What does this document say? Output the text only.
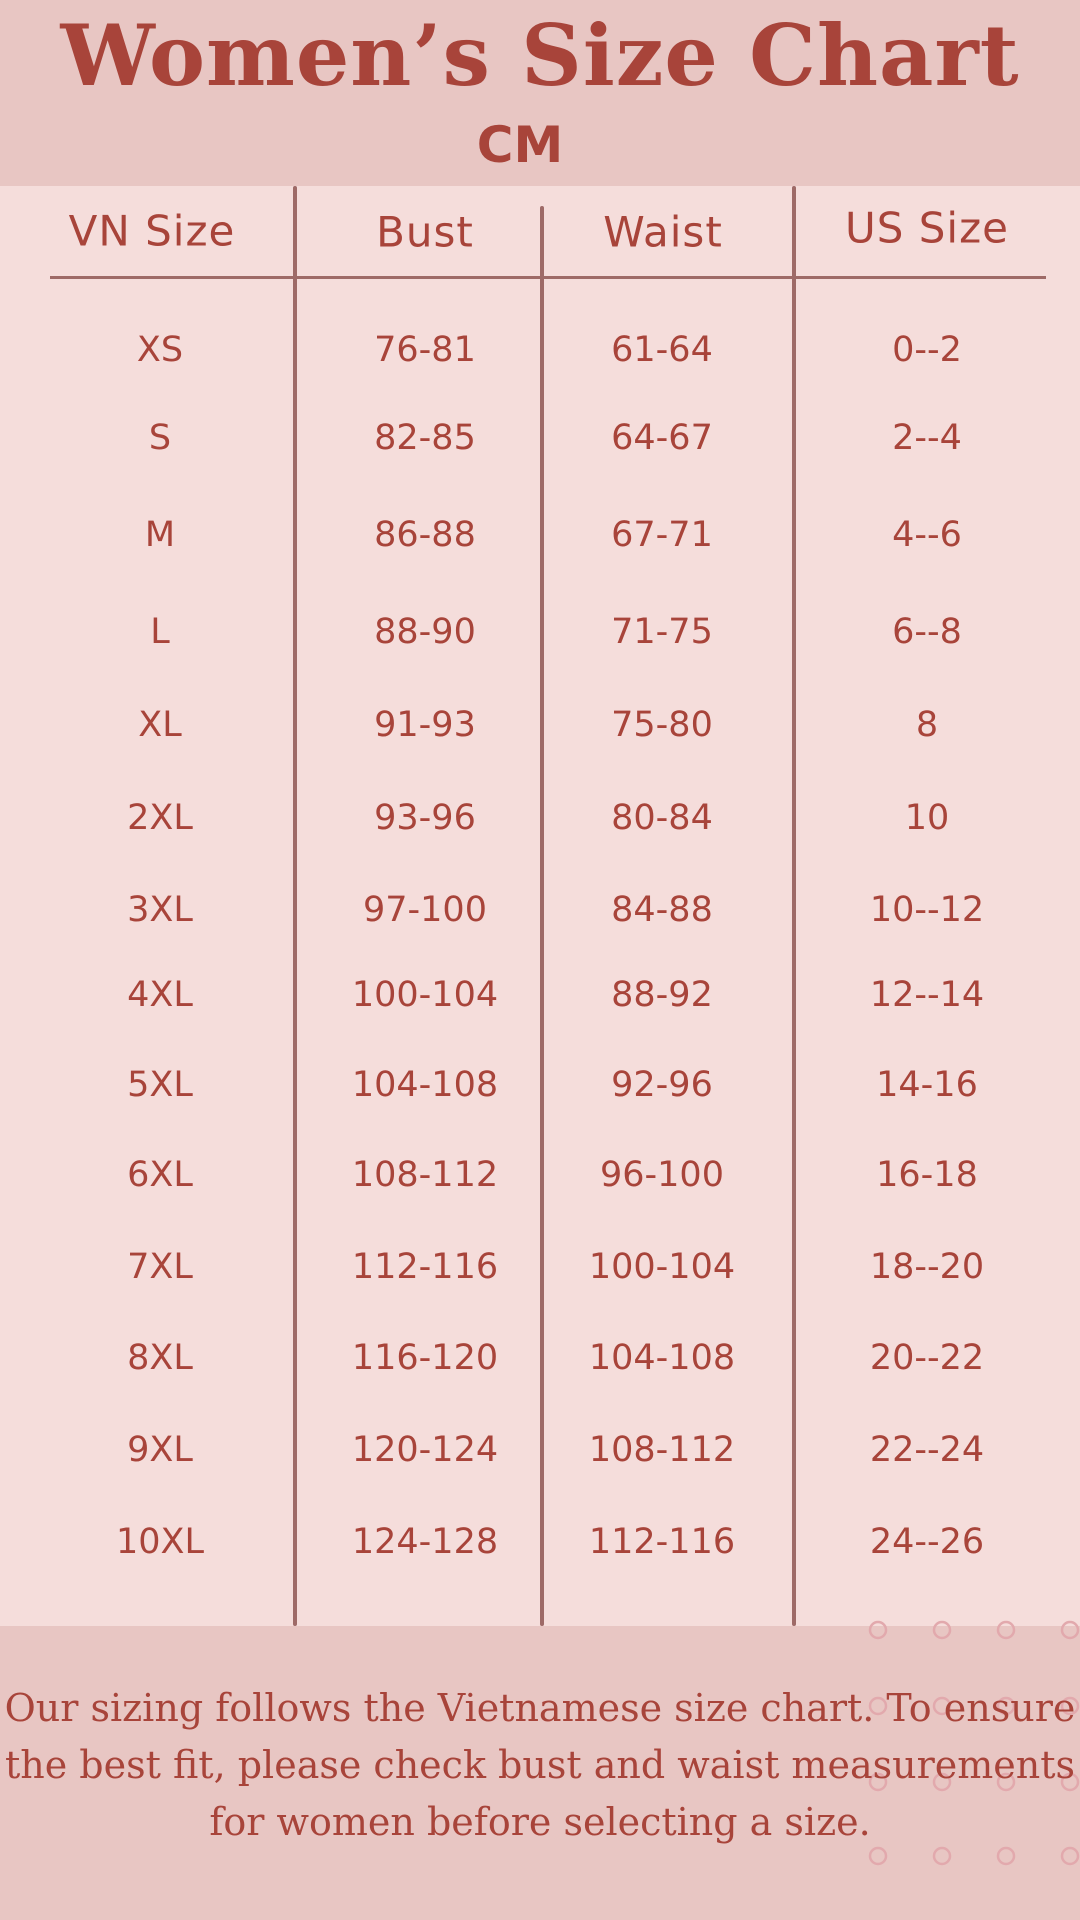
Women’s Size Chart
CM
VN Size	Bust	Waist	US Size
XS	76-81	61-64	0--2
S	82-85	64-67	2--4
M	86-88	67-71	4--6
L	88-90	71-75	6--8
XL	91-93	75-80	8
2XL	93-96	80-84	10
3XL	97-100	84-88	10--12
4XL	100-104	88-92	12--14
5XL	104-108	92-96	14-16
6XL	108-112	96-100	16-18
7XL	112-116	100-104	18--20
8XL	116-120	104-108	20--22
9XL	120-124	108-112	22--24
10XL	124-128	112-116	24--26
Our sizing follows the Vietnamese size chart. To ensure
the best fit, please check bust and waist measurements
for women before selecting a size.
